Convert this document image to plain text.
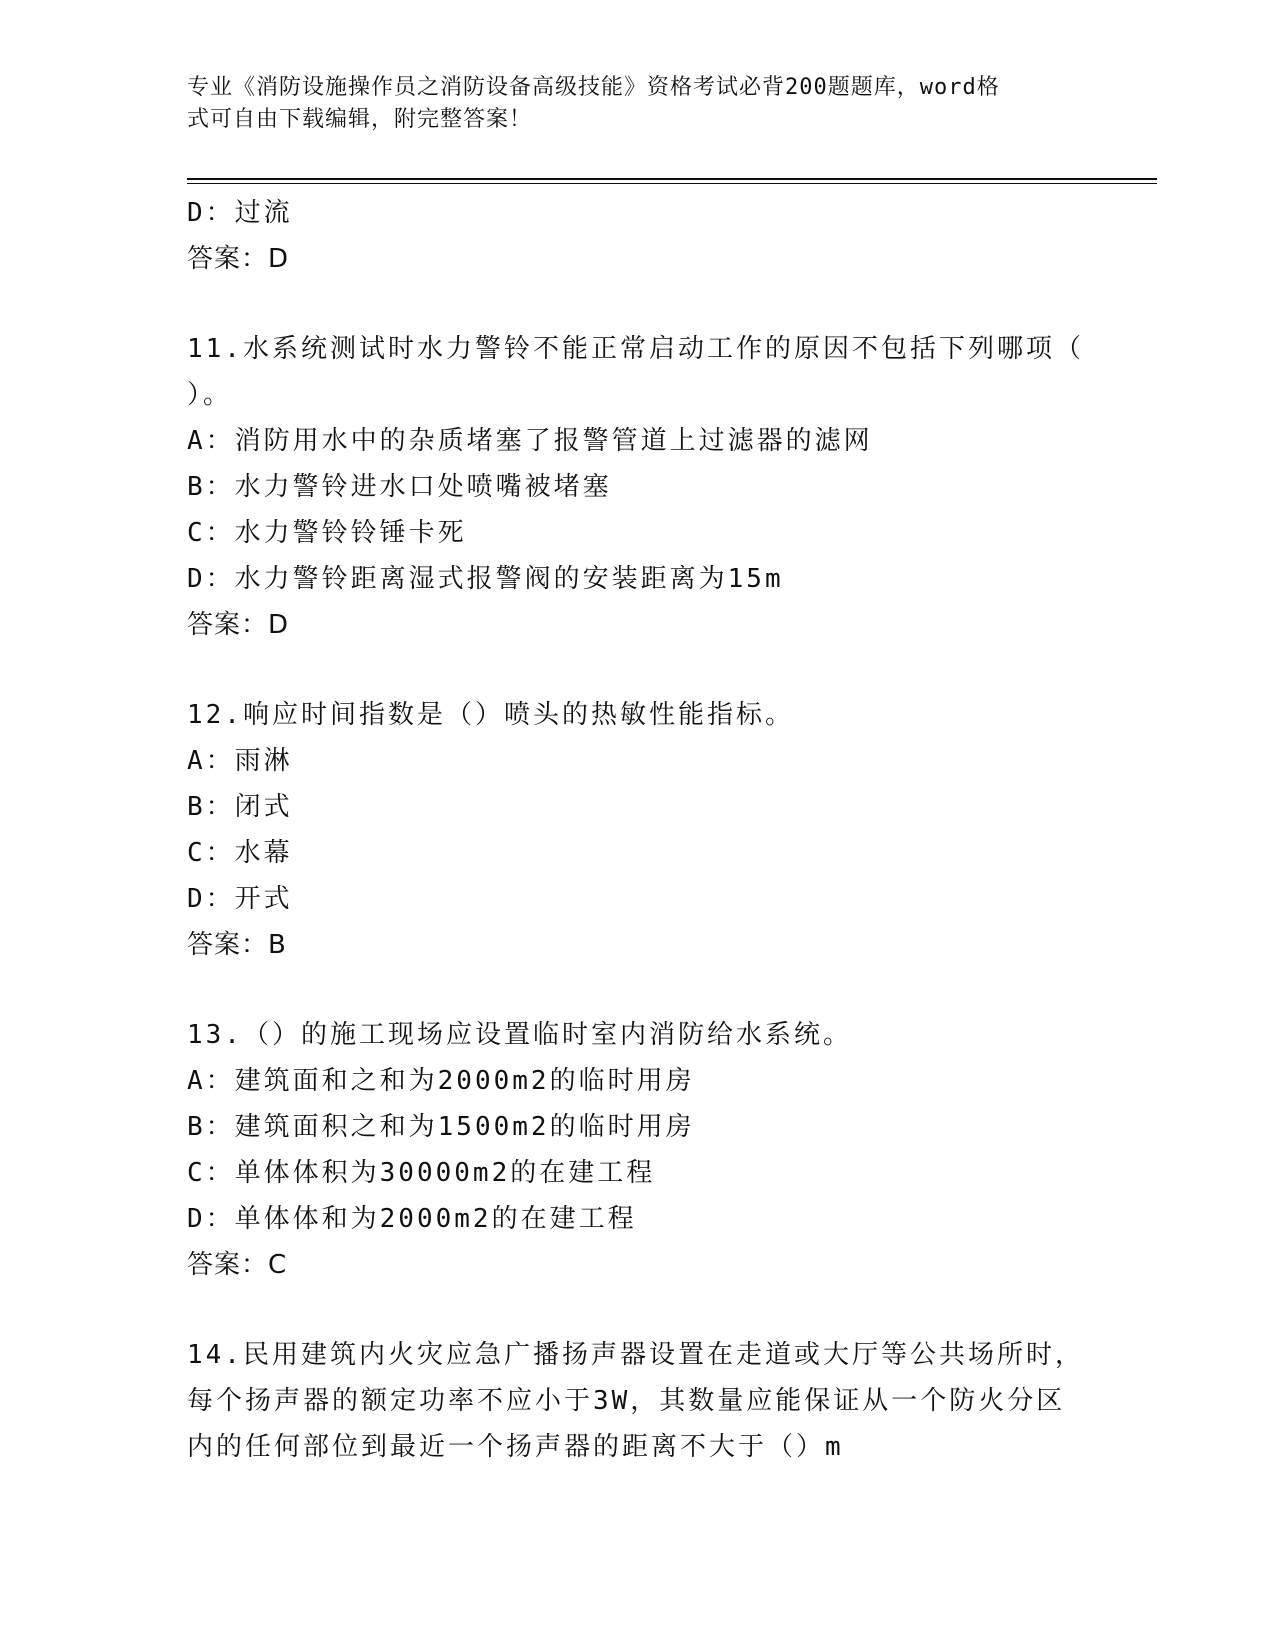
专业《消防设施操作员之消防设备高级技能》资格考试必背200题题库，word格
式可自由下载编辑，附完整答案！
D：过流
答案：D
11.水系统测试时水力警铃不能正常启动工作的原因不包括下列哪项（
）。
A：消防用水中的杂质堵塞了报警管道上过滤器的滤网
B：水力警铃进水口处喷嘴被堵塞
C：水力警铃铃锤卡死
D：水力警铃距离湿式报警阀的安装距离为15m
答案：D
12.响应时间指数是（）喷头的热敏性能指标。
A：雨淋
B：闭式
C：水幕
D：开式
答案：B
13.（）的施工现场应设置临时室内消防给水系统。
A：建筑面和之和为2000m2的临时用房
B：建筑面积之和为1500m2的临时用房
C：单体体积为30000m2的在建工程
D：单体体和为2000m2的在建工程
答案：C
14.民用建筑内火灾应急广播扬声器设置在走道或大厅等公共场所时，
每个扬声器的额定功率不应小于3W，其数量应能保证从一个防火分区
内的任何部位到最近一个扬声器的距离不大于（）m
